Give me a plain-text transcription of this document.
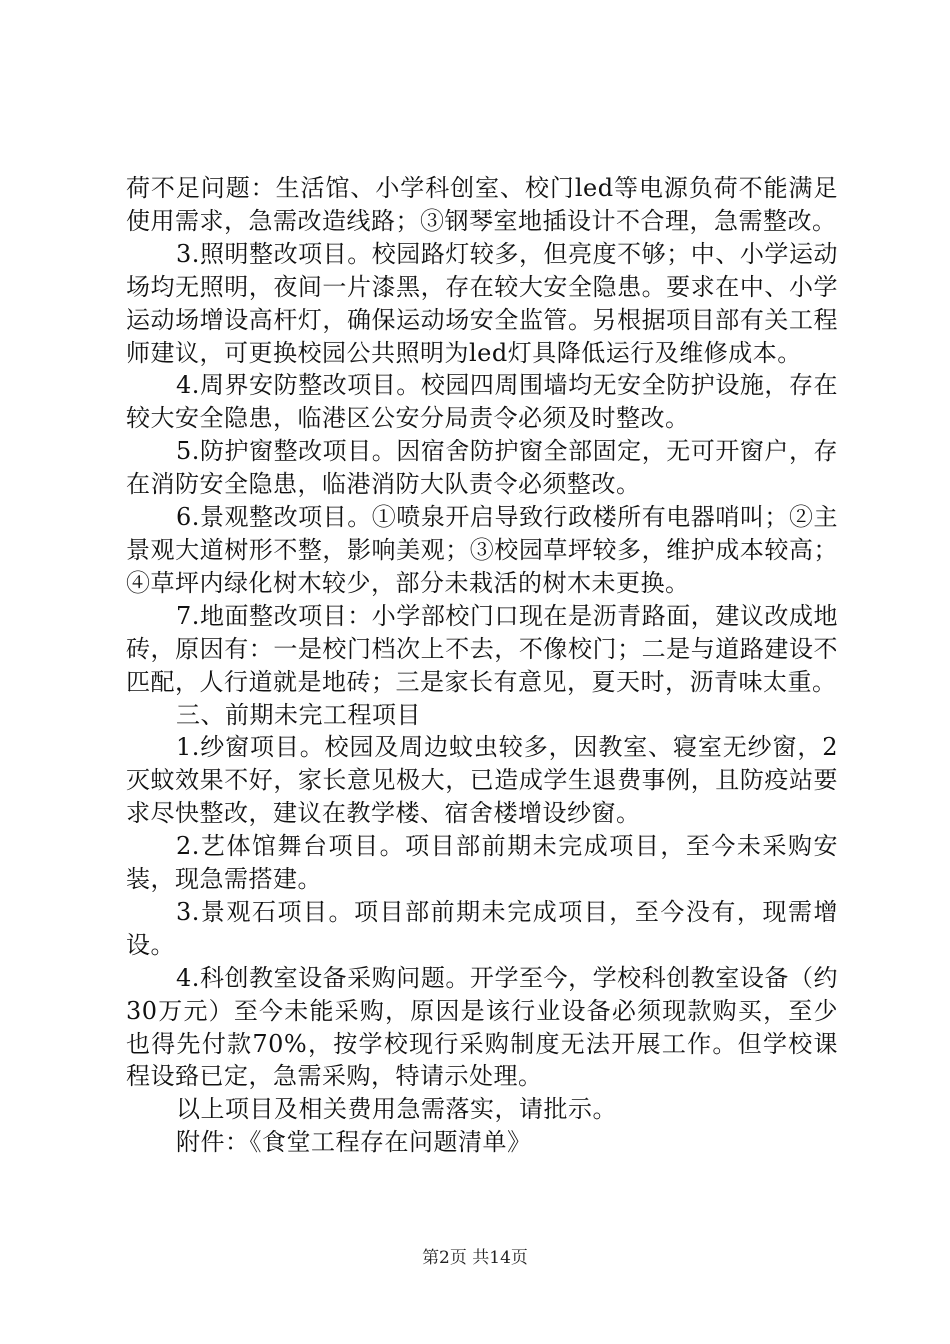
荷不足问题：生活馆、小学科创室、校门led等电源负荷不能满足使用需求，急需改造线路；③钢琴室地插设计不合理，急需整改。

3.照明整改项目。校园路灯较多，但亮度不够；中、小学运动场均无照明，夜间一片漆黑，存在较大安全隐患。要求在中、小学运动场增设高杆灯，确保运动场安全监管。另根据项目部有关工程师建议，可更换校园公共照明为led灯具降低运行及维修成本。

4.周界安防整改项目。校园四周围墙均无安全防护设施，存在较大安全隐患，临港区公安分局责令必须及时整改。

5.防护窗整改项目。因宿舍防护窗全部固定，无可开窗户，存在消防安全隐患，临港消防大队责令必须整改。

6.景观整改项目。①喷泉开启导致行政楼所有电器哨叫；②主景观大道树形不整，影响美观；③校园草坪较多，维护成本较高；④草坪内绿化树木较少，部分未栽活的树木未更换。

7.地面整改项目：小学部校门口现在是沥青路面，建议改成地砖，原因有：一是校门档次上不去，不像校门；二是与道路建设不匹配，人行道就是地砖；三是家长有意见，夏天时，沥青味太重。

三、前期未完工程项目

1.纱窗项目。校园及周边蚊虫较多，因教室、寝室无纱窗，2灭蚊效果不好，家长意见极大，已造成学生退费事例，且防疫站要求尽快整改，建议在教学楼、宿舍楼增设纱窗。

2.艺体馆舞台项目。项目部前期未完成项目，至今未采购安装，现急需搭建。

3.景观石项目。项目部前期未完成项目，至今没有，现需增设。

4.科创教室设备采购问题。开学至今，学校科创教室设备（约30万元）至今未能采购，原因是该行业设备必须现款购买，至少也得先付款70%，按学校现行采购制度无法开展工作。但学校课程设臵已定，急需采购，特请示处理。

以上项目及相关费用急需落实，请批示。

附件：《食堂工程存在问题清单》

第2页 共14页
